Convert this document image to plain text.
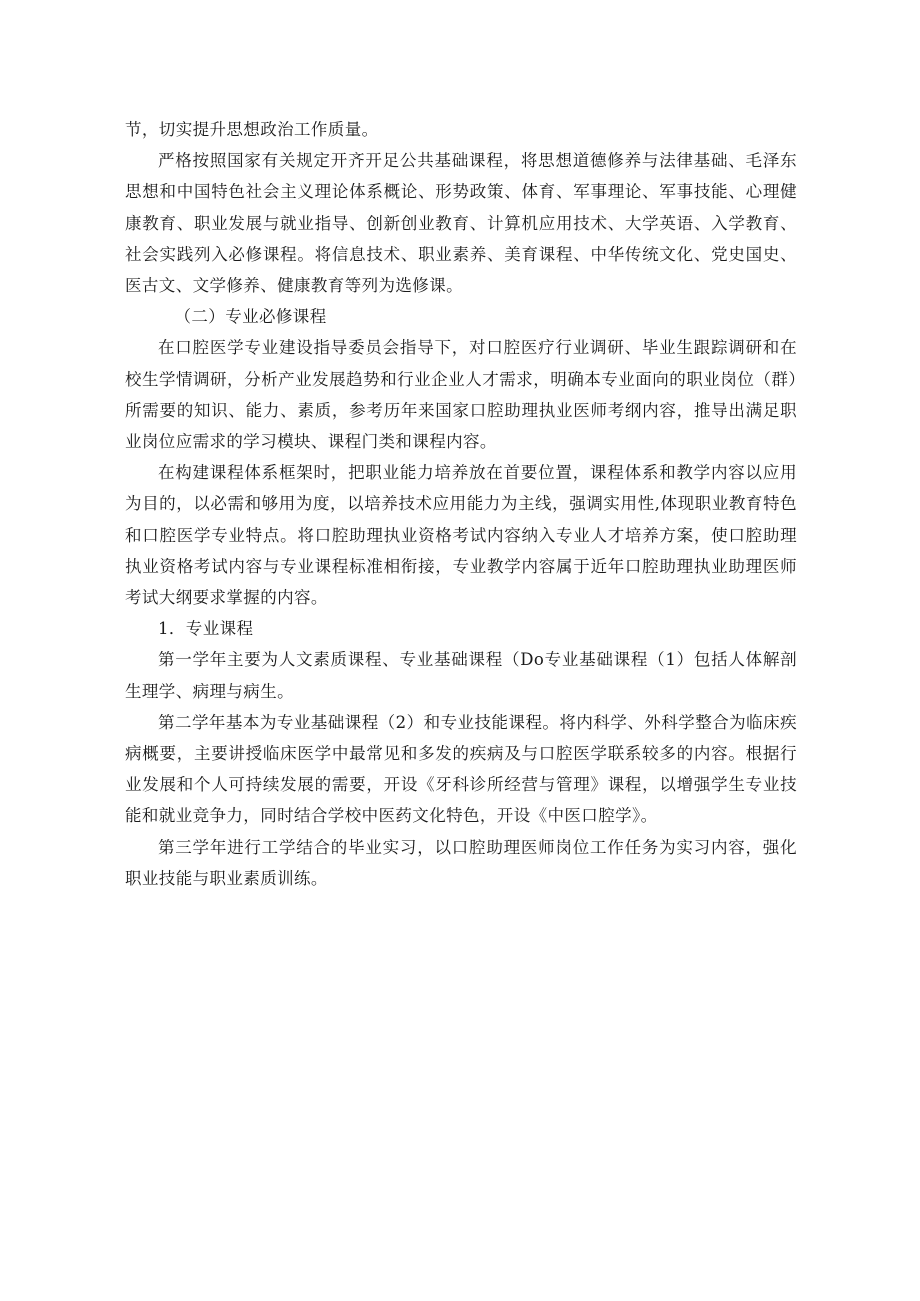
节，切实提升思想政治工作质量。

严格按照国家有关规定开齐开足公共基础课程，将思想道德修养与法律基础、毛泽东思想和中国特色社会主义理论体系概论、形势政策、体育、军事理论、军事技能、心理健康教育、职业发展与就业指导、创新创业教育、计算机应用技术、大学英语、入学教育、社会实践列入必修课程。将信息技术、职业素养、美育课程、中华传统文化、党史国史、医古文、文学修养、健康教育等列为选修课。

（二）专业必修课程

在口腔医学专业建设指导委员会指导下，对口腔医疗行业调研、毕业生跟踪调研和在校生学情调研，分析产业发展趋势和行业企业人才需求，明确本专业面向的职业岗位（群）所需要的知识、能力、素质，参考历年来国家口腔助理执业医师考纲内容，推导出满足职业岗位应需求的学习模块、课程门类和课程内容。

在构建课程体系框架时，把职业能力培养放在首要位置，课程体系和教学内容以应用为目的，以必需和够用为度，以培养技术应用能力为主线，强调实用性,体现职业教育特色和口腔医学专业特点。将口腔助理执业资格考试内容纳入专业人才培养方案，使口腔助理执业资格考试内容与专业课程标准相衔接，专业教学内容属于近年口腔助理执业助理医师考试大纲要求掌握的内容。

1．专业课程

第一学年主要为人文素质课程、专业基础课程（Do专业基础课程（1）包括人体解剖生理学、病理与病生。

第二学年基本为专业基础课程（2）和专业技能课程。将内科学、外科学整合为临床疾病概要，主要讲授临床医学中最常见和多发的疾病及与口腔医学联系较多的内容。根据行业发展和个人可持续发展的需要，开设《牙科诊所经营与管理》课程，以增强学生专业技能和就业竞争力，同时结合学校中医药文化特色，开设《中医口腔学》。

第三学年进行工学结合的毕业实习，以口腔助理医师岗位工作任务为实习内容，强化职业技能与职业素质训练。
